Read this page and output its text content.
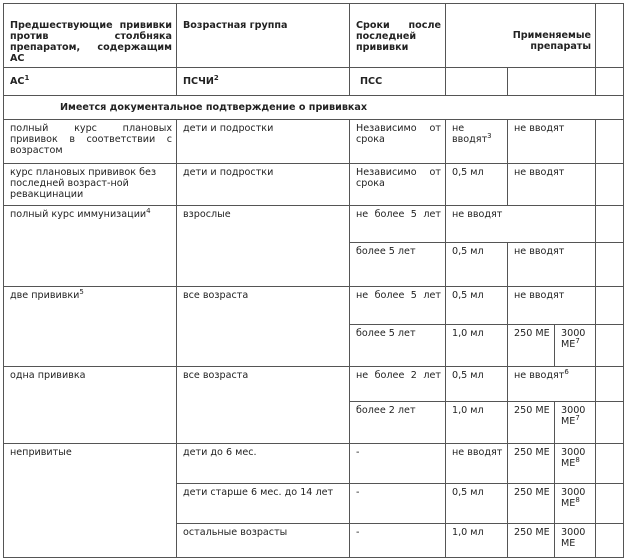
Предшествующие прививки против столбняка препаратом, содержащим АС	Возрастная группа	Сроки после последней прививки	Применяемые препараты			
$АС^1$	ПСЧИ$^2$	ПСС				
Имеется документальное подтверждение о прививках						
полный курс плановых прививок в соответствии с возрастом	дети и подростки	Независимо от срока	не вводят$^3$	не вводят		
курс плановых прививок без последней возраст-ной ревакцинации	дети и подростки	Независимо от срока	0,5 мл	не вводят		
полный курс иммунизации$^4$	взрослые	не более 5 лет	не вводят			
		более 5 лет	0,5 мл	не вводят		
две прививки$^5$	все возраста	не более 5 лет	0,5 мл	не вводят		
		более 5 лет	1,0 мл	250 МЕ	3000 $МЕ^7$	
одна прививка	все возраста	не более 2 лет	0,5 мл	не вводят$^6$	
		более 2 лет	1,0 мл	250 МЕ	3000 $МЕ^7$	
непривитые	дети до 6 мес.	-	не вводят	250 МЕ	3000 $МЕ^8$	
	дети старше 6 мес. до 14 лет	-	0,5 мл	250 МЕ	3000 $МЕ^8$	
	остальные возрасты	-	1,0 мл	250 МЕ	3000 МЕ	
